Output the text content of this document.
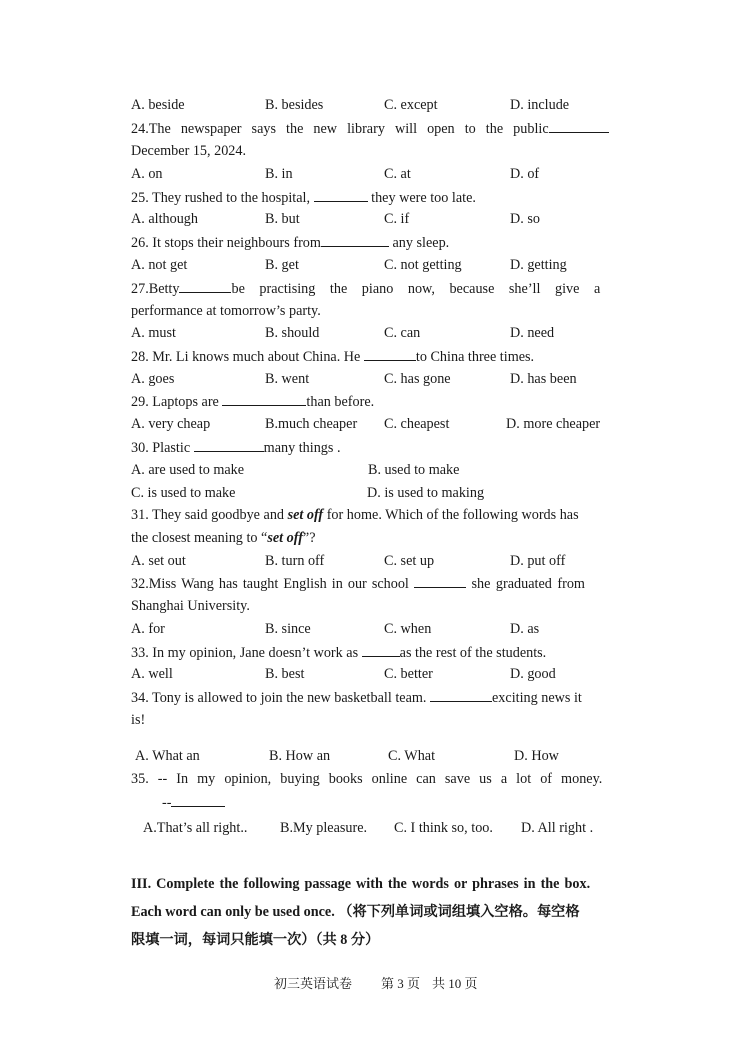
A. beside	B. besides	C. except	D. include
24.The newspaper says the new library will open to the public
December 15, 2024.
A. on	B. in	C. at	D. of
25. They rushed to the hospital,	they were too late.
A. although	B. but	C. if	D. so
26. It stops their neighbours from	any sleep.
A. not get	B. get	C. not getting	D. getting
27.Betty	be practising the piano now, because she’ll give a
performance at tomorrow’s party.
A. must	B. should	C. can	D. need
28. Mr. Li knows much about China. He	to China three times.
A. goes	B. went	C. has gone	D. has been
29. Laptops are	than before.
A. very cheap	B.much cheaper C. cheapest	D. more cheaper
30. Plastic	many things .
A. are used to make	B. used to make
C. is used to make	D. is used to making
31. They said goodbye and set off for home. Which of the following words has
the closest meaning to “set off”?
A. set out	B. turn off	C. set up	D. put off
32.Miss Wang has taught English in our school	she graduated from
Shanghai University.
A. for	B. since	C. when	D. as
33. In my opinion, Jane doesn’t work as	as the rest of the students.
A. well	B. best	C. better	D. good
34. Tony is allowed to join the new basketball team.	exciting news it
is!
A. What an	B. How an	C. What	D. How
35. -- In my opinion, buying books online can save us a lot of money.
--
A.That’s all right.. B.My pleasure. C. I think so, too. D. All right .
III. Complete the following passage with the words or phrases in the box.
Each word can only be used once. （将下列单词或词组填入空格。每空格
限填一词，每词只能填一次）（共 8 分）
初三英语试卷 第 3 页 共 10 页
